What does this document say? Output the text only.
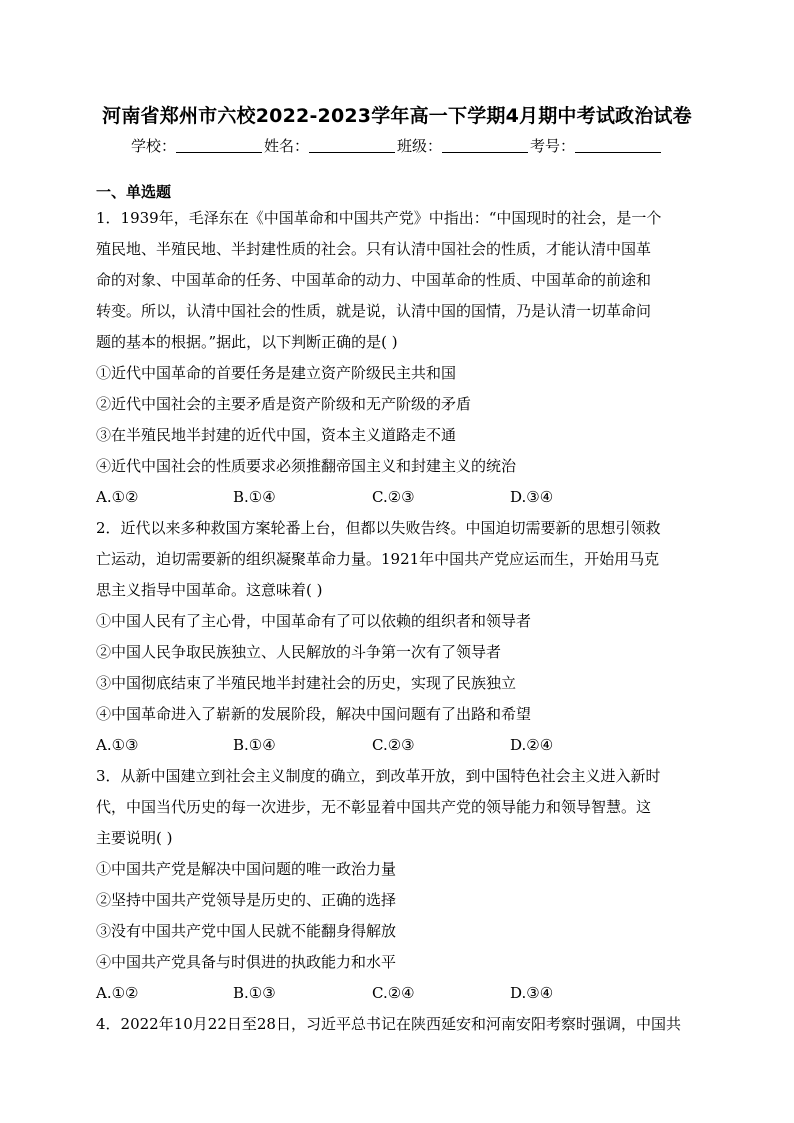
河南省郑州市六校2022-2023学年高一下学期4月期中考试政治试卷
学校：	姓名：	班级：	考号：
一、单选题
1．1939年，毛泽东在《中国革命和中国共产党》中指出：“中国现时的社会，是一个
殖民地、半殖民地、半封建性质的社会。只有认清中国社会的性质，才能认清中国革
命的对象、中国革命的任务、中国革命的动力、中国革命的性质、中国革命的前途和
转变。所以，认清中国社会的性质，就是说，认清中国的国情，乃是认清一切革命问
题的基本的根据。”据此，以下判断正确的是( )
①近代中国革命的首要任务是建立资产阶级民主共和国
②近代中国社会的主要矛盾是资产阶级和无产阶级的矛盾
③在半殖民地半封建的近代中国，资本主义道路走不通
④近代中国社会的性质要求必须推翻帝国主义和封建主义的统治
A.①②	B.①④	C.②③	D.③④
2．近代以来多种救国方案轮番上台，但都以失败告终。中国迫切需要新的思想引领救
亡运动，迫切需要新的组织凝聚革命力量。1921年中国共产党应运而生，开始用马克
思主义指导中国革命。这意味着( )
①中国人民有了主心骨，中国革命有了可以依赖的组织者和领导者
②中国人民争取民族独立、人民解放的斗争第一次有了领导者
③中国彻底结束了半殖民地半封建社会的历史，实现了民族独立
④中国革命进入了崭新的发展阶段，解决中国问题有了出路和希望
A.①③	B.①④	C.②③	D.②④
3．从新中国建立到社会主义制度的确立，到改革开放，到中国特色社会主义进入新时
代，中国当代历史的每一次进步，无不彰显着中国共产党的领导能力和领导智慧。这
主要说明( )
①中国共产党是解决中国问题的唯一政治力量
②坚持中国共产党领导是历史的、正确的选择
③没有中国共产党中国人民就不能翻身得解放
④中国共产党具备与时俱进的执政能力和水平
A.①②	B.①③	C.②④	D.③④
4．2022年10月22日至28日，习近平总书记在陕西延安和河南安阳考察时强调，中国共
